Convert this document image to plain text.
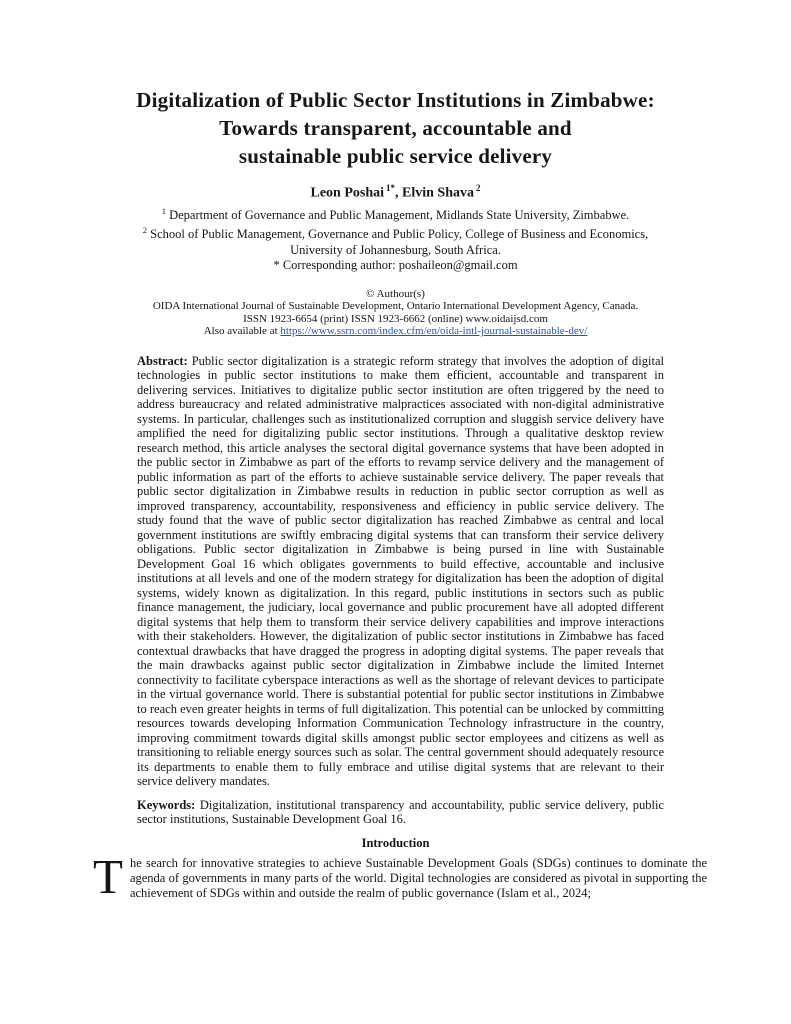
Digitalization of Public Sector Institutions in Zimbabwe:
Towards transparent, accountable and
sustainable public service delivery
Leon Poshai $^{1*}$, Elvin Shava $^2$
$^1$ Department of Governance and Public Management, Midlands State University, Zimbabwe.
$^2$ School of Public Management, Governance and Public Policy, College of Business and Economics,
University of Johannesburg, South Africa.
* Corresponding author: poshaileon@gmail.com
© Authour(s)
OIDA International Journal of Sustainable Development, Ontario International Development Agency, Canada.
ISSN 1923-6654 (print) ISSN 1923-6662 (online) www.oidaijsd.com
Also available at https://www.ssrn.com/index.cfm/en/oida-intl-journal-sustainable-dev/
Abstract: Public sector digitalization is a strategic reform strategy that involves the adoption of digital technologies in public sector institutions to make them efficient, accountable and transparent in delivering services. Initiatives to digitalize public sector institution are often triggered by the need to address bureaucracy and related administrative malpractices associated with non-digital administrative systems. In particular, challenges such as institutionalized corruption and sluggish service delivery have amplified the need for digitalizing public sector institutions. Through a qualitative desktop review research method, this article analyses the sectoral digital governance systems that have been adopted in the public sector in Zimbabwe as part of the efforts to revamp service delivery and the management of public information as part of the efforts to achieve sustainable service delivery. The paper reveals that public sector digitalization in Zimbabwe results in reduction in public sector corruption as well as improved transparency, accountability, responsiveness and efficiency in public service delivery. The study found that the wave of public sector digitalization has reached Zimbabwe as central and local government institutions are swiftly embracing digital systems that can transform their service delivery obligations. Public sector digitalization in Zimbabwe is being pursed in line with Sustainable Development Goal 16 which obligates governments to build effective, accountable and inclusive institutions at all levels and one of the modern strategy for digitalization has been the adoption of digital systems, widely known as digitalization. In this regard, public institutions in sectors such as public finance management, the judiciary, local governance and public procurement have all adopted different digital systems that help them to transform their service delivery capabilities and improve interactions with their stakeholders. However, the digitalization of public sector institutions in Zimbabwe has faced contextual drawbacks that have dragged the progress in adopting digital systems. The paper reveals that the main drawbacks against public sector digitalization in Zimbabwe include the limited Internet connectivity to facilitate cyberspace interactions as well as the shortage of relevant devices to participate in the virtual governance world. There is substantial potential for public sector institutions in Zimbabwe to reach even greater heights in terms of full digitalization. This potential can be unlocked by committing resources towards developing Information Communication Technology infrastructure in the country, improving commitment towards digital skills amongst public sector employees and citizens as well as transitioning to reliable energy sources such as solar. The central government should adequately resource its departments to enable them to fully embrace and utilise digital systems that are relevant to their service delivery mandates.
Keywords: Digitalization, institutional transparency and accountability, public service delivery, public sector institutions, Sustainable Development Goal 16.
Introduction
The search for innovative strategies to achieve Sustainable Development Goals (SDGs) continues to dominate the agenda of governments in many parts of the world. Digital technologies are considered as pivotal in supporting the achievement of SDGs within and outside the realm of public governance (Islam et al., 2024;
